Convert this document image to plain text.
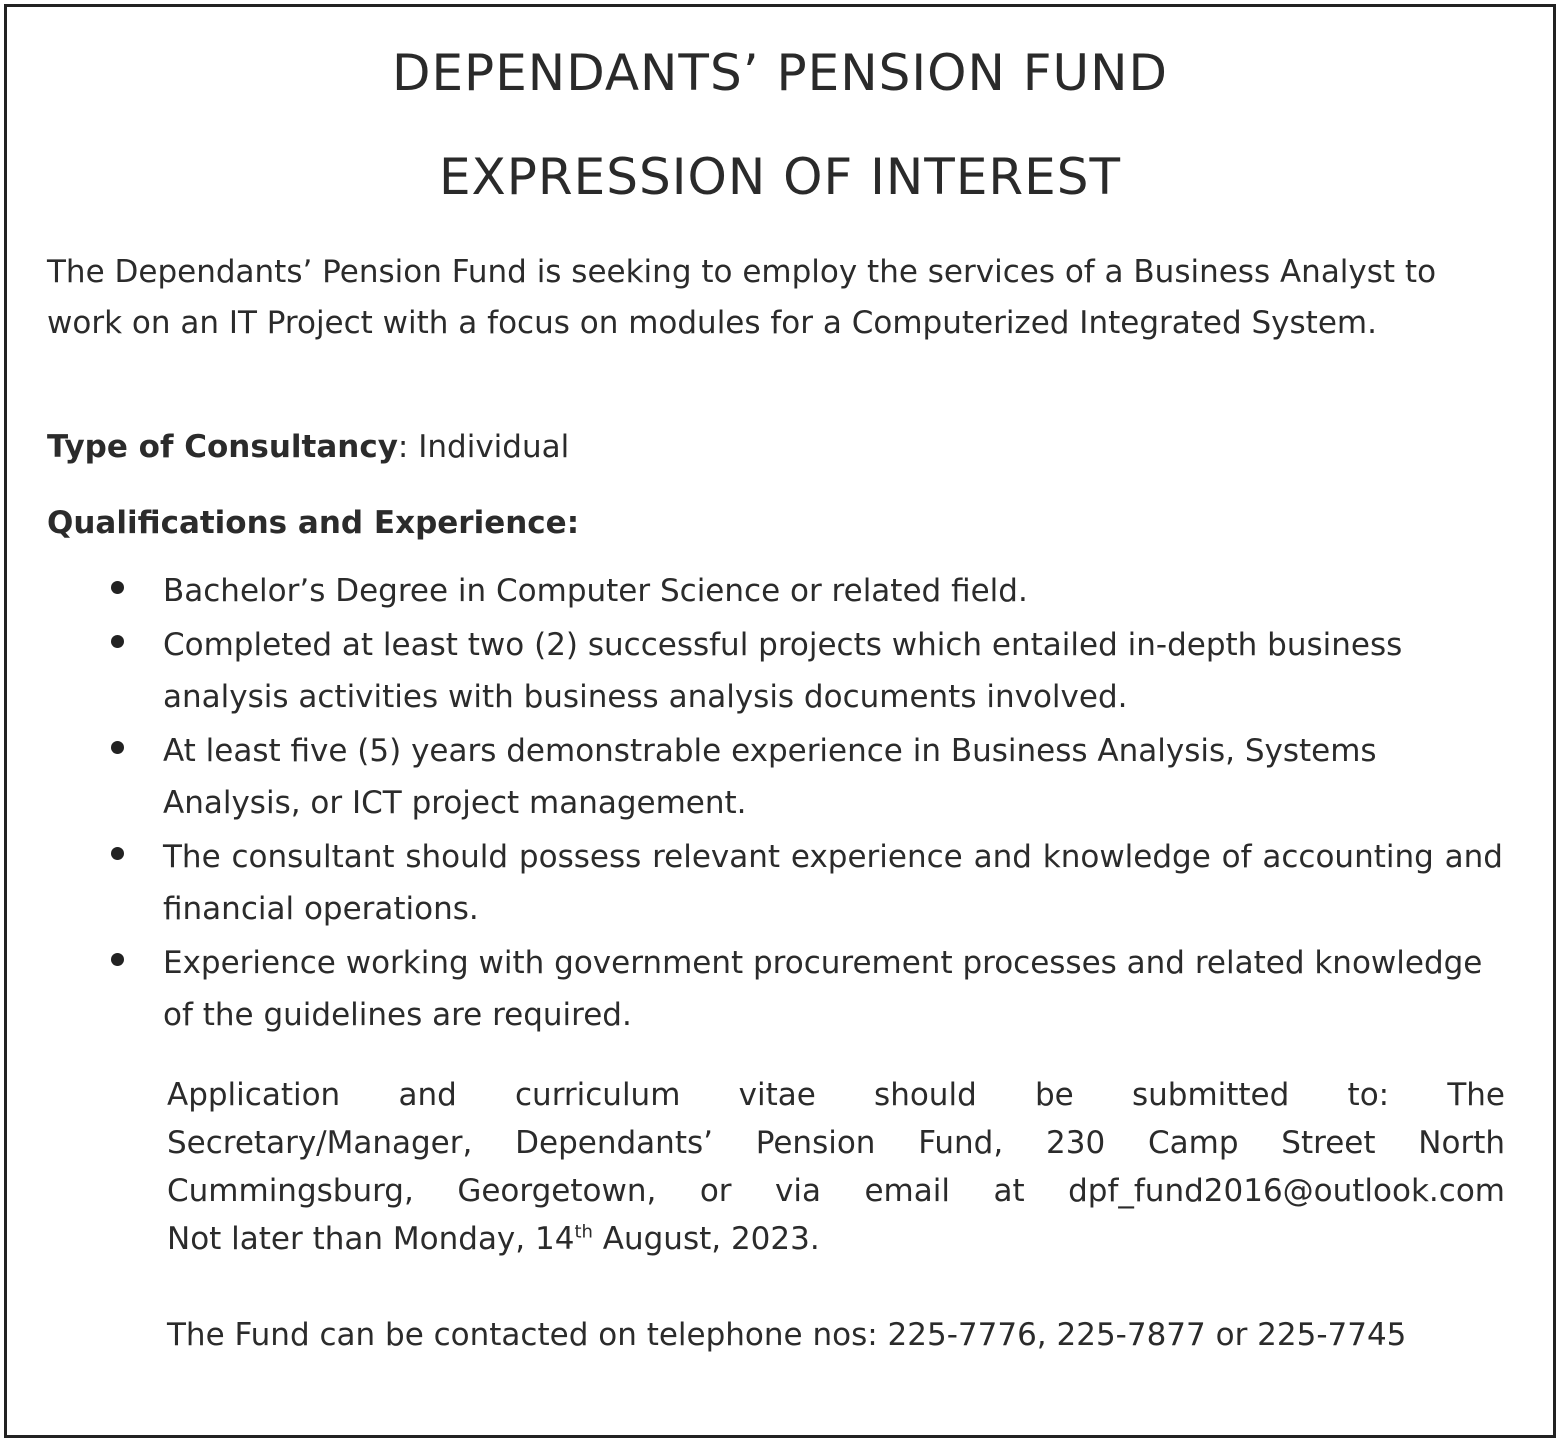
DEPENDANTS’ PENSION FUND
EXPRESSION OF INTEREST

The Dependants’ Pension Fund is seeking to employ the services of a Business Analyst to work on an IT Project with a focus on modules for a Computerized Integrated System.

Type of Consultancy: Individual
Qualifications and Experience:
Bachelor’s Degree in Computer Science or related field.
Completed at least two (2) successful projects which entailed in-depth business analysis activities with business analysis documents involved.
At least five (5) years demonstrable experience in Business Analysis, Systems Analysis, or ICT project management.
The consultant should possess relevant experience and knowledge of accounting and financial operations.
Experience working with government procurement processes and related knowledge of the guidelines are required.

Application and curriculum vitae should be submitted to: The
Secretary/Manager, Dependants’ Pension Fund, 230 Camp Street North
Cummingsburg, Georgetown, or via email at dpf_fund2016@outlook.com
Not later than Monday, 14th August, 2023.

The Fund can be contacted on telephone nos: 225-7776, 225-7877 or 225-7745
